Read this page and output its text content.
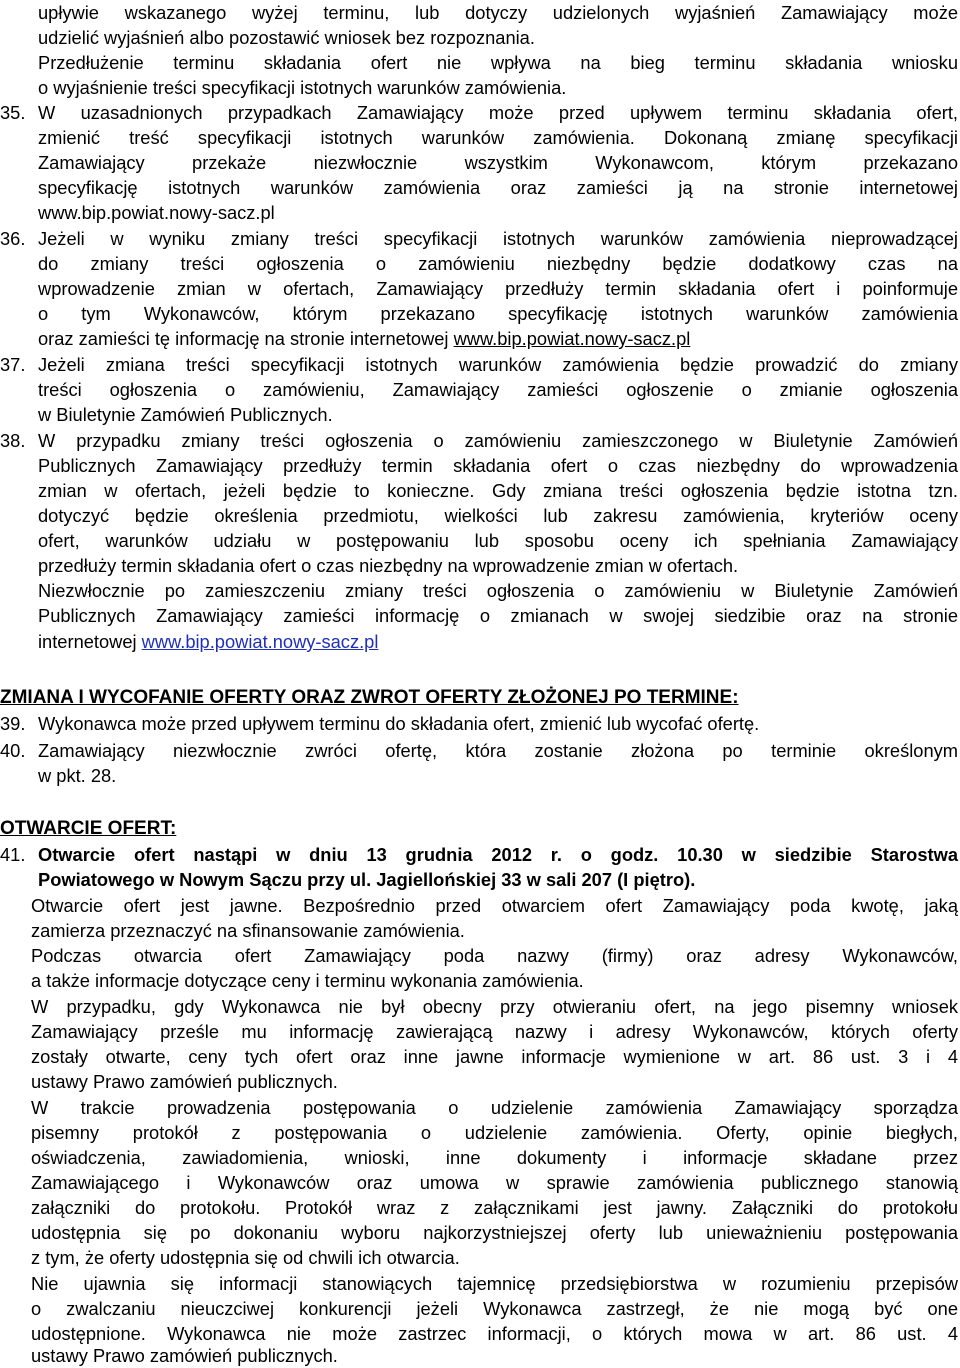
upływie wskazanego wyżej terminu, lub dotyczy udzielonych wyjaśnień Zamawiający może
udzielić wyjaśnień albo pozostawić wniosek bez rozpoznania.
Przedłużenie terminu składania ofert nie wpływa na bieg terminu składania wniosku
o wyjaśnienie treści specyfikacji istotnych warunków zamówienia.
35. W uzasadnionych przypadkach Zamawiający może przed upływem terminu składania ofert,
zmienić treść specyfikacji istotnych warunków zamówienia. Dokonaną zmianę specyfikacji
Zamawiający przekaże niezwłocznie wszystkim Wykonawcom, którym przekazano
specyfikację istotnych warunków zamówienia oraz zamieści ją na stronie internetowej
www.bip.powiat.nowy-sacz.pl
36. Jeżeli w wyniku zmiany treści specyfikacji istotnych warunków zamówienia nieprowadzącej
do zmiany treści ogłoszenia o zamówieniu niezbędny będzie dodatkowy czas na
wprowadzenie zmian w ofertach, Zamawiający przedłuży termin składania ofert i poinformuje
o tym Wykonawców, którym przekazano specyfikację istotnych warunków zamówienia
oraz zamieści tę informację na stronie internetowej www.bip.powiat.nowy-sacz.pl
37. Jeżeli zmiana treści specyfikacji istotnych warunków zamówienia będzie prowadzić do zmiany
treści ogłoszenia o zamówieniu, Zamawiający zamieści ogłoszenie o zmianie ogłoszenia
w Biuletynie Zamówień Publicznych.
38. W przypadku zmiany treści ogłoszenia o zamówieniu zamieszczonego w Biuletynie Zamówień
Publicznych Zamawiający przedłuży termin składania ofert o czas niezbędny do wprowadzenia
zmian w ofertach, jeżeli będzie to konieczne. Gdy zmiana treści ogłoszenia będzie istotna tzn.
dotyczyć będzie określenia przedmiotu, wielkości lub zakresu zamówienia, kryteriów oceny
ofert, warunków udziału w postępowaniu lub sposobu oceny ich spełniania Zamawiający
przedłuży termin składania ofert o czas niezbędny na wprowadzenie zmian w ofertach.
Niezwłocznie po zamieszczeniu zmiany treści ogłoszenia o zamówieniu w Biuletynie Zamówień
Publicznych Zamawiający zamieści informację o zmianach w swojej siedzibie oraz na stronie
internetowej www.bip.powiat.nowy-sacz.pl
ZMIANA I WYCOFANIE OFERTY ORAZ ZWROT OFERTY ZŁOŻONEJ PO TERMINE:
39. Wykonawca może przed upływem terminu do składania ofert, zmienić lub wycofać ofertę.
40. Zamawiający niezwłocznie zwróci ofertę, która zostanie złożona po terminie określonym
w pkt. 28.
OTWARCIE OFERT:
41. Otwarcie ofert nastąpi w dniu 13 grudnia 2012 r. o godz. 10.30 w siedzibie Starostwa
Powiatowego w Nowym Sączu przy ul. Jagiellońskiej 33 w sali 207 (I piętro).
Otwarcie ofert jest jawne. Bezpośrednio przed otwarciem ofert Zamawiający poda kwotę, jaką
zamierza przeznaczyć na sfinansowanie zamówienia.
Podczas otwarcia ofert Zamawiający poda nazwy (firmy) oraz adresy Wykonawców,
a także informacje dotyczące ceny i terminu wykonania zamówienia.
W przypadku, gdy Wykonawca nie był obecny przy otwieraniu ofert, na jego pisemny wniosek
Zamawiający prześle mu informację zawierającą nazwy i adresy Wykonawców, których oferty
zostały otwarte, ceny tych ofert oraz inne jawne informacje wymienione w art. 86 ust. 3 i 4
ustawy Prawo zamówień publicznych.
W trakcie prowadzenia postępowania o udzielenie zamówienia Zamawiający sporządza
pisemny protokół z postępowania o udzielenie zamówienia. Oferty, opinie biegłych,
oświadczenia, zawiadomienia, wnioski, inne dokumenty i informacje składane przez
Zamawiającego i Wykonawców oraz umowa w sprawie zamówienia publicznego stanowią
załączniki do protokołu. Protokół wraz z załącznikami jest jawny. Załączniki do protokołu
udostępnia się po dokonaniu wyboru najkorzystniejszej oferty lub unieważnieniu postępowania
z tym, że oferty udostępnia się od chwili ich otwarcia.
Nie ujawnia się informacji stanowiących tajemnicę przedsiębiorstwa w rozumieniu przepisów
o zwalczaniu nieuczciwej konkurencji jeżeli Wykonawca zastrzegł, że nie mogą być one
udostępnione. Wykonawca nie może zastrzec informacji, o których mowa w art. 86 ust. 4
ustawy Prawo zamówień publicznych.
